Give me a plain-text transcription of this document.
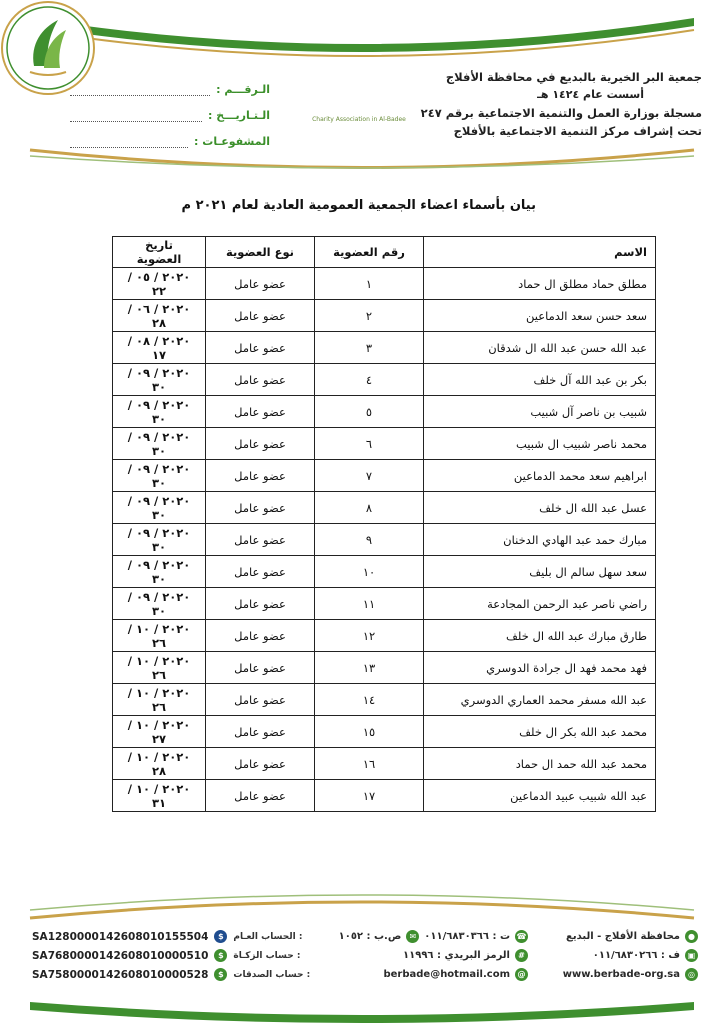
جمعية البر الخيرية بالبديع في محافظة الأفلاج
أسست عام ١٤٢٤ هـ
مسجلة بوزارة العمل والتنمية الاجتماعية برقم ٢٤٧
تحت إشراف مركز التنمية الاجتماعية بالأفلاج
الـرقـــم :
الـتـاريـــخ :
المشفوعـات :
Charity Association in Al-Badee
بيان بأسماء اعضاء الجمعية العمومية العادية لعام ٢٠٢١ م
الاسم	رقم العضوية	نوع العضوية	تاريخ العضوية
مطلق حماد مطلق ال حماد	١	عضو عامل	٢٠٢٠ / ٠٥ / ٢٢
سعد حسن سعد الدماعين	٢	عضو عامل	٢٠٢٠ / ٠٦ / ٢٨
عبد الله حسن عبد الله ال شدقان	٣	عضو عامل	٢٠٢٠ / ٠٨ / ١٧
بكر بن عبد الله آل خلف	٤	عضو عامل	٢٠٢٠ / ٠٩ / ٣٠
شبيب بن ناصر آل شبيب	٥	عضو عامل	٢٠٢٠ / ٠٩ / ٣٠
محمد ناصر شبيب ال شبيب	٦	عضو عامل	٢٠٢٠ / ٠٩ / ٣٠
ابراهيم سعد محمد الدماعين	٧	عضو عامل	٢٠٢٠ / ٠٩ / ٣٠
عسل عبد الله ال خلف	٨	عضو عامل	٢٠٢٠ / ٠٩ / ٣٠
مبارك حمد عبد الهادي الدخنان	٩	عضو عامل	٢٠٢٠ / ٠٩ / ٣٠
سعد سهل سالم ال بليف	١٠	عضو عامل	٢٠٢٠ / ٠٩ / ٣٠
راضي ناصر عبد الرحمن المجادعة	١١	عضو عامل	٢٠٢٠ / ٠٩ / ٣٠
طارق مبارك عبد الله ال خلف	١٢	عضو عامل	٢٠٢٠ / ١٠ / ٢٦
فهد محمد فهد ال جرادة الدوسري	١٣	عضو عامل	٢٠٢٠ / ١٠ / ٢٦
عبد الله مسفر محمد العماري الدوسري	١٤	عضو عامل	٢٠٢٠ / ١٠ / ٢٦
محمد عبد الله بكر ال خلف	١٥	عضو عامل	٢٠٢٠ / ١٠ / ٢٧
محمد عبد الله حمد ال حماد	١٦	عضو عامل	٢٠٢٠ / ١٠ / ٢٨
عبد الله شبيب عبيد الدماعين	١٧	عضو عامل	٢٠٢٠ / ١٠ / ٣١
●
محافظة الأفلاج - البديع
☎
ت : ٠١١/٦٨٣٠٣٦٦
✉
ص.ب : ١٠٥٢
▣
ف : ٠١١/٦٨٣٠٢٦٦
#
الرمز البريدي : ١١٩٩٦
www.berbade-org.sa	◎
berbade@hotmail.com @
SA1280000142608010155504	$	الحساب العـام :
SA7680000142608010000510	$	حساب الزكـاة :
SA7580000142608010000528	$	حساب الصدقات :
